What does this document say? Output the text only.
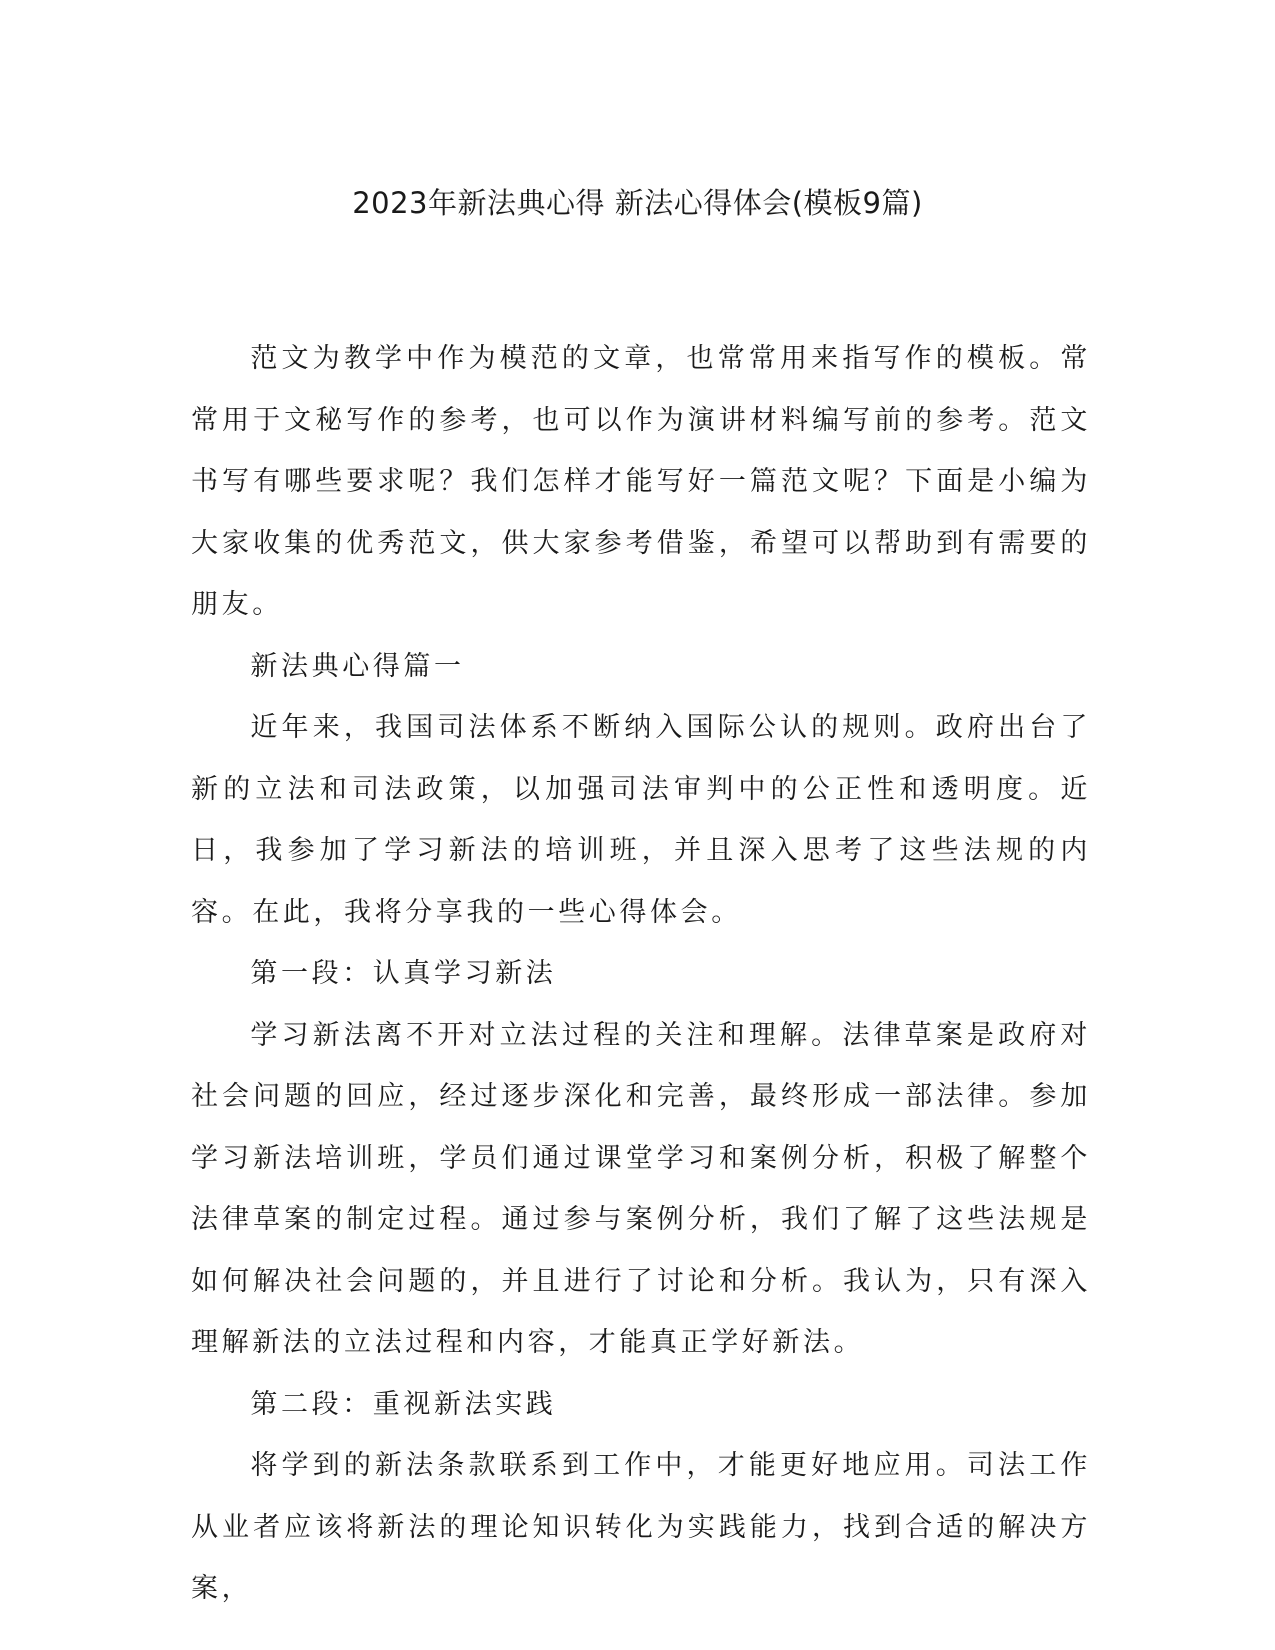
2023年新法典心得 新法心得体会(模板9篇)

范文为教学中作为模范的文章，也常常用来指写作的模板。常常用于文秘写作的参考，也可以作为演讲材料编写前的参考。范文书写有哪些要求呢？我们怎样才能写好一篇范文呢？下面是小编为大家收集的优秀范文，供大家参考借鉴，希望可以帮助到有需要的朋友。

新法典心得篇一

近年来，我国司法体系不断纳入国际公认的规则。政府出台了新的立法和司法政策，以加强司法审判中的公正性和透明度。近日，我参加了学习新法的培训班，并且深入思考了这些法规的内容。在此，我将分享我的一些心得体会。

第一段：认真学习新法

学习新法离不开对立法过程的关注和理解。法律草案是政府对社会问题的回应，经过逐步深化和完善，最终形成一部法律。参加学习新法培训班，学员们通过课堂学习和案例分析，积极了解整个法律草案的制定过程。通过参与案例分析，我们了解了这些法规是如何解决社会问题的，并且进行了讨论和分析。我认为，只有深入理解新法的立法过程和内容，才能真正学好新法。

第二段：重视新法实践

将学到的新法条款联系到工作中，才能更好地应用。司法工作从业者应该将新法的理论知识转化为实践能力，找到合适的解决方案，
